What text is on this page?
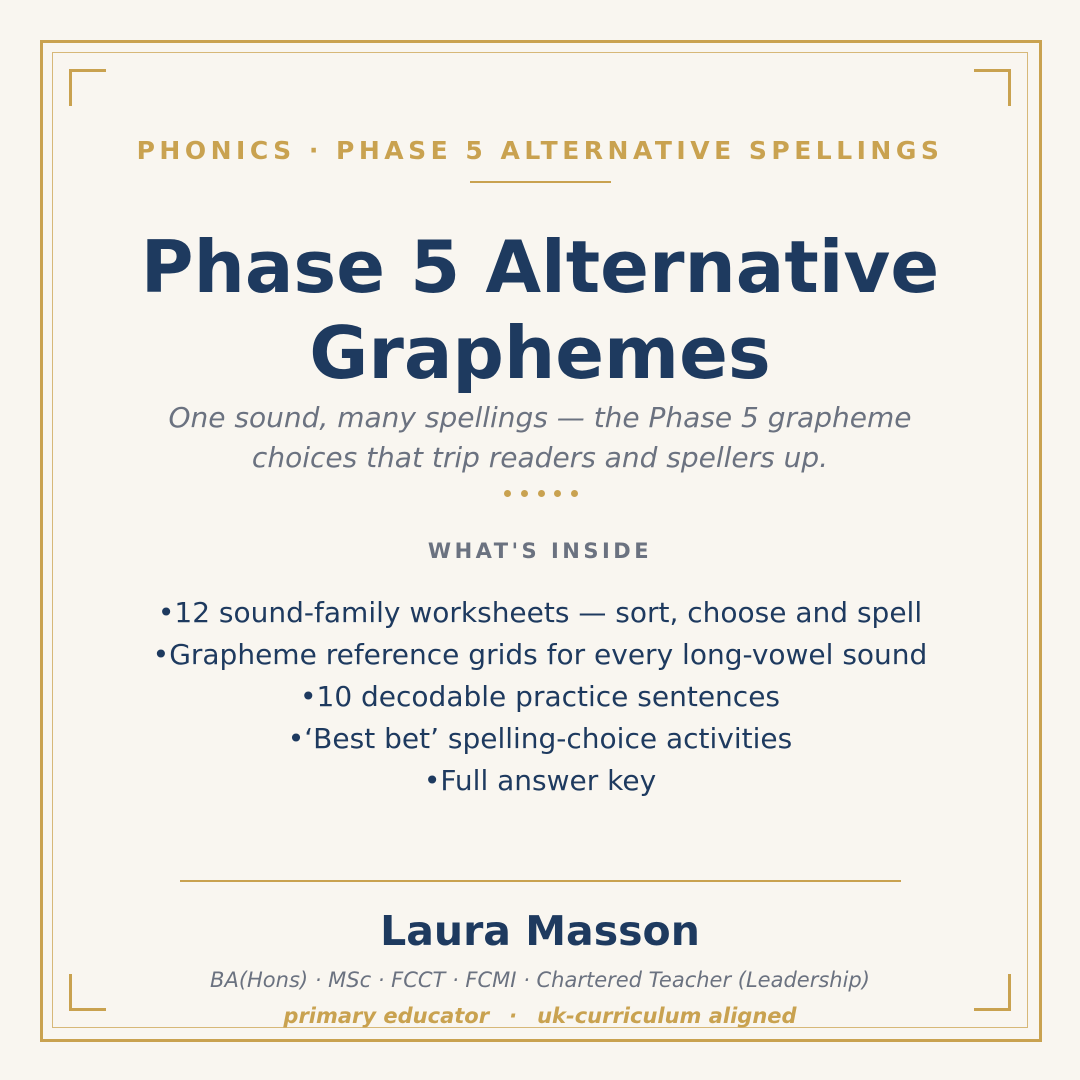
PHONICS · PHASE 5 ALTERNATIVE SPELLINGS
Phase 5 Alternative
Graphemes
One sound, many spellings — the Phase 5 grapheme choices that trip readers and spellers up.
WHAT'S INSIDE
• 12 sound-family worksheets — sort, choose and spell
• Grapheme reference grids for every long-vowel sound
• 10 decodable practice sentences
• ‘Best bet’ spelling-choice activities
• Full answer key
Laura Masson
BA(Hons) · MSc · FCCT · FCMI · Chartered Teacher (Leadership)
primary educator · uk-curriculum aligned
